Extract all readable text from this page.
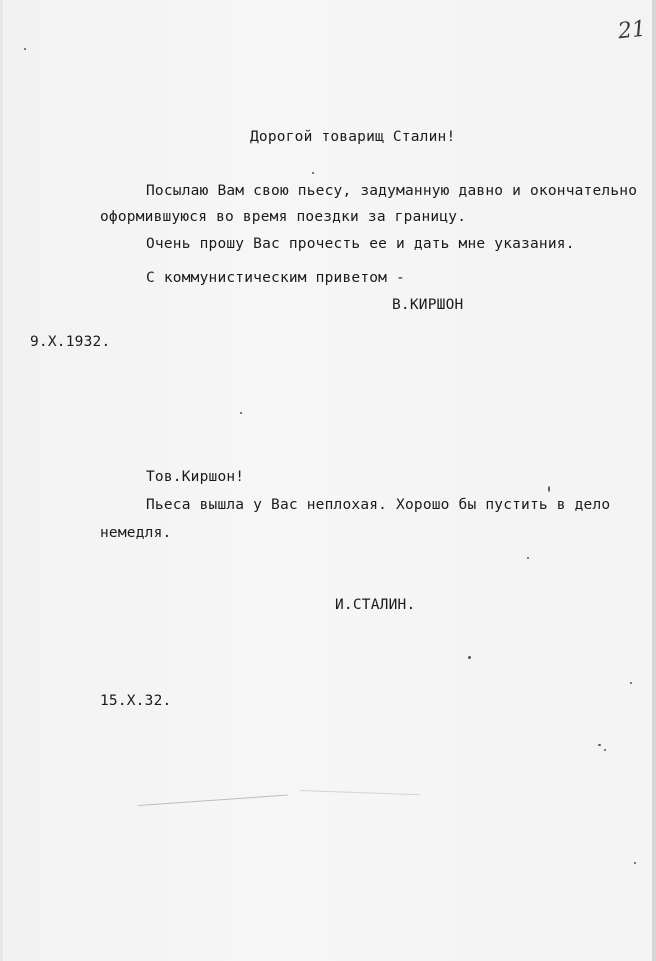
21
Дорогой товарищ Сталин!
Посылаю Вам свою пьесу, задуманную давно и окончательно
оформившуюся во время поездки за границу.
Очень прошу Вас прочесть ее и дать мне указания.
С коммунистическим приветом -
В.КИРШОН
9.Х.1932.
Тов.Киршон!
Пьеса вышла у Вас неплохая. Хорошо бы пустить в дело
немедля.
И.СТАЛИН.
15.Х.32.
